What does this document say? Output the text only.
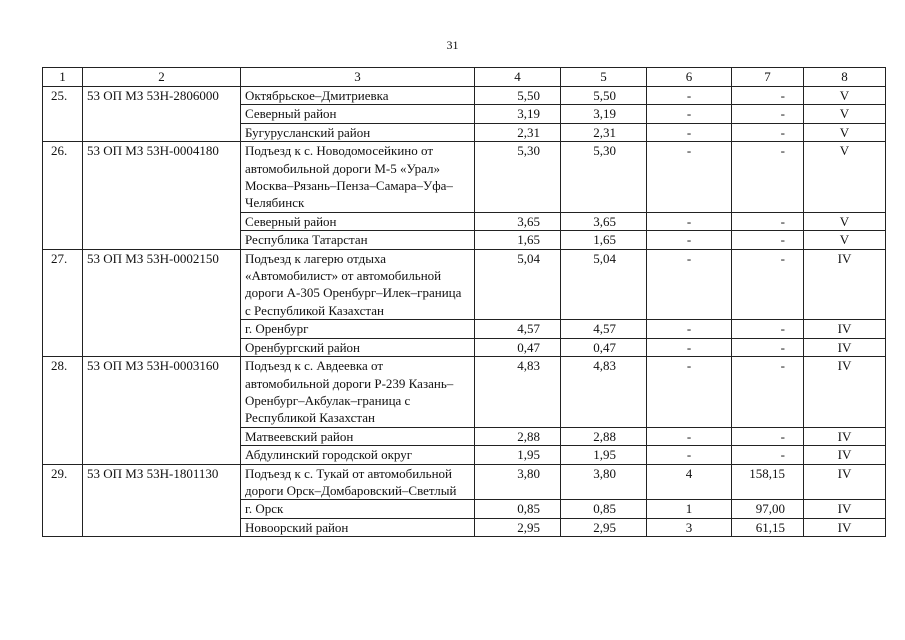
31
1	2	3	4	5	6	7	8
25.	53 ОП МЗ 53Н-2806000	Октябрьское–Дмитриевка	5,50	5,50	-	-	V
		Северный район	3,19	3,19	-	-	V
		Бугурусланский район	2,31	2,31	-	-	V
26.	53 ОП МЗ 53Н-0004180	Подъезд к с. Новодомосейкино от автомобильной дороги М-5 «Урал» Москва–Рязань–Пенза–Самара–Уфа–Челябинск	5,30	5,30	-	-	V
		Северный район	3,65	3,65	-	-	V
		Республика Татарстан	1,65	1,65	-	-	V
27.	53 ОП МЗ 53Н-0002150	Подъезд к лагерю отдыха «Автомобилист» от автомобильной дороги А-305 Оренбург–Илек–граница с Республикой Казахстан	5,04	5,04	-	-	IV
		г. Оренбург	4,57	4,57	-	-	IV
		Оренбургский район	0,47	0,47	-	-	IV
28.	53 ОП МЗ 53Н-0003160	Подъезд к с. Авдеевка от автомобильной дороги Р-239 Казань–Оренбург–Акбулак–граница с Республикой Казахстан	4,83	4,83	-	-	IV
		Матвеевский район	2,88	2,88	-	-	IV
		Абдулинский городской округ	1,95	1,95	-	-	IV
29.	53 ОП МЗ 53Н-1801130	Подъезд к с. Тукай от автомобильной дороги Орск–Домбаровский–Светлый	3,80	3,80	4	158,15	IV
		г. Орск	0,85	0,85	1	97,00	IV
		Новоорский район	2,95	2,95	3	61,15	IV
